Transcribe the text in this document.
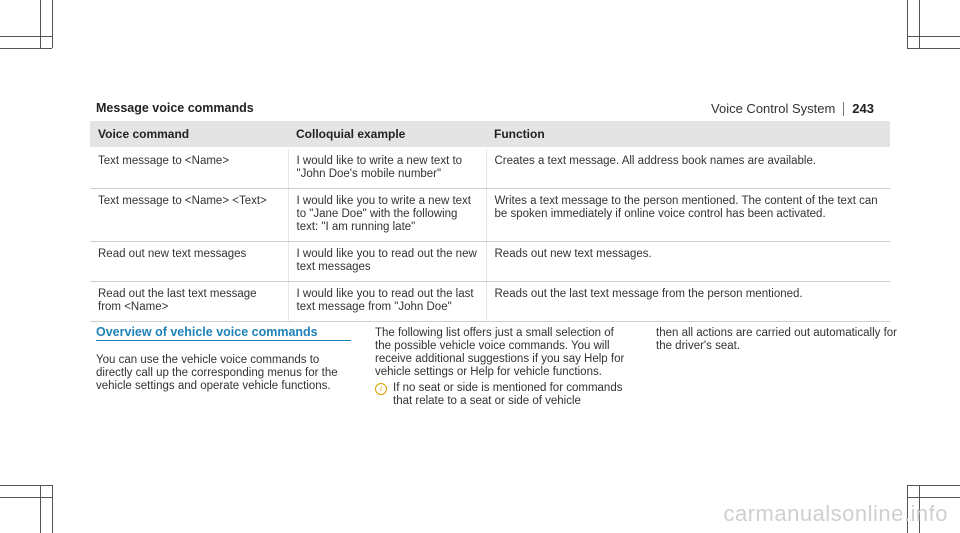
Voice Control System 243
Message voice commands
Voice command	Colloquial example	Function
Text message to <Name>	I would like to write a new text to "John Doe's mobile number"	Creates a text message. All address book names are available.
Text message to <Name> <Text>	I would like you to write a new text to "Jane Doe" with the following text: "I am running late"	Writes a text message to the person mentioned. The content of the text can be spoken immediately if online voice control has been activated.
Read out new text messages	I would like you to read out the new text messages	Reads out new text messages.
Read out the last text message from <Name>	I would like you to read out the last text message from "John Doe"	Reads out the last text message from the person mentioned.
Overview of vehicle voice commands
You can use the vehicle voice commands to directly call up the corresponding menus for the vehicle settings and operate vehicle functions.
The following list offers just a small selection of the possible vehicle voice commands. You will receive additional suggestions if you say Help for vehicle settings or Help for vehicle functions.
i If no seat or side is mentioned for commands that relate to a seat or side of vehicle
then all actions are carried out automatically for the driver's seat.
carmanualsonline.info
